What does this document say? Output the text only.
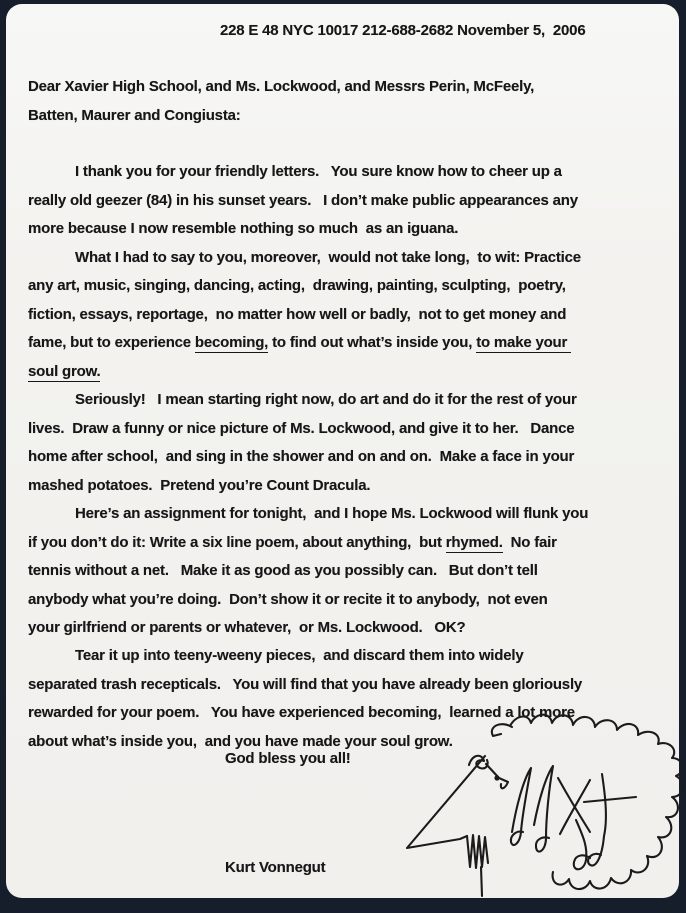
228 E 48 NYC 10017 212-688-2682 November 5,  2006
Dear Xavier High School, and Ms. Lockwood, and Messrs Perin, McFeely,
Batten, Maurer and Congiusta:
I thank you for your friendly letters.   You sure know how to cheer up a
really old geezer (84) in his sunset years.   I don’t make public appearances any
more because I now resemble nothing so much  as an iguana.
What I had to say to you, moreover,  would not take long,  to wit: Practice
any art, music, singing, dancing, acting,  drawing, painting, sculpting,  poetry,
fiction, essays, reportage,  no matter how well or badly,  not to get money and
fame, but to experience becoming, to find out what’s inside you, to make your
soul grow.
Seriously!   I mean starting right now, do art and do it for the rest of your
lives.  Draw a funny or nice picture of Ms. Lockwood, and give it to her.   Dance
home after school,  and sing in the shower and on and on.  Make a face in your
mashed potatoes.  Pretend you’re Count Dracula.
Here’s an assignment for tonight,  and I hope Ms. Lockwood will flunk you
if you don’t do it: Write a six line poem, about anything,  but rhymed.  No fair
tennis without a net.   Make it as good as you possibly can.   But don’t tell
anybody what you’re doing.  Don’t show it or recite it to anybody,  not even
your girlfriend or parents or whatever,  or Ms. Lockwood.   OK?
Tear it up into teeny-weeny pieces,  and discard them into widely
separated trash recepticals.   You will find that you have already been gloriously
rewarded for your poem.   You have experienced becoming,  learned a lot more
about what’s inside you,  and you have made your soul grow.
God bless you all!
Kurt Vonnegut
